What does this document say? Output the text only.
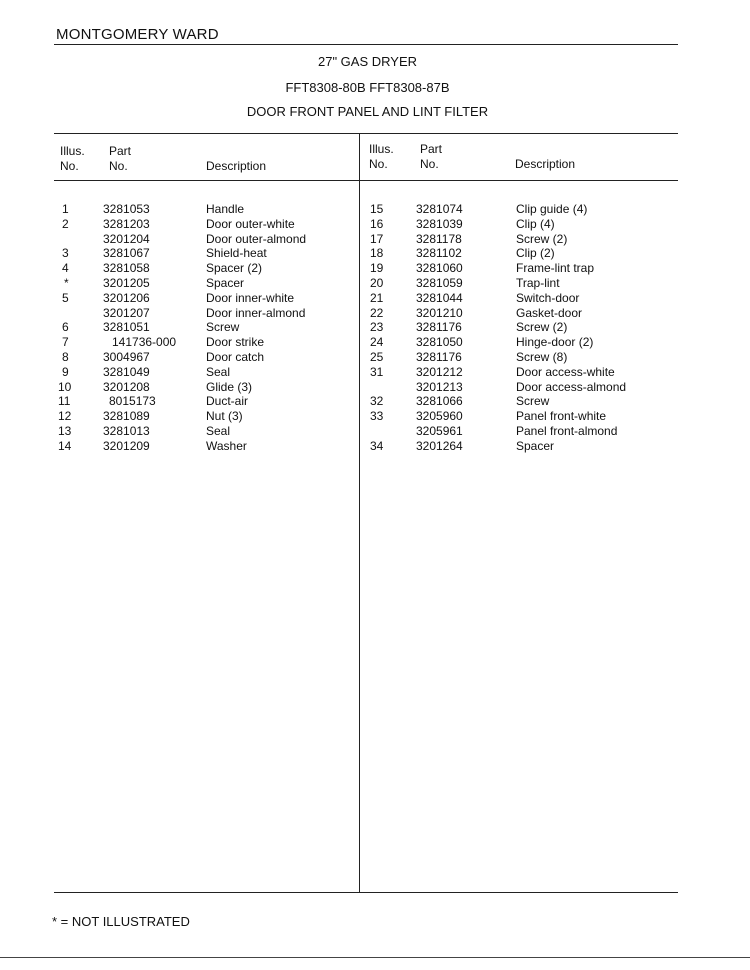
MONTGOMERY WARD
27" GAS DRYER
FFT8308-80B FFT8308-87B
DOOR FRONT PANEL AND LINT FILTER
Illus.
No.
Part
No.	Description
Illus.
No.
Part
No.	Description
1	3281053	Handle
2	3281203	Door outer-white
3201204	Door outer-almond
3	3281067	Shield-heat
4	3281058	Spacer (2)
*	3201205	Spacer
5	3201206	Door inner-white
3201207	Door inner-almond
6	3281051	Screw
7	141736-000 Door strike
8	3004967	Door catch
9	3281049	Seal
10	3201208	Glide (3)
11	8015173	Duct-air
12	3281089	Nut (3)
13	3281013	Seal
14	3201209	Washer
15	3281074	Clip guide (4)
16	3281039	Clip (4)
17	3281178	Screw (2)
18	3281102	Clip (2)
19	3281060	Frame-lint trap
20	3281059	Trap-lint
21	3281044	Switch-door
22	3201210	Gasket-door
23	3281176	Screw (2)
24	3281050	Hinge-door (2)
25	3281176	Screw (8)
31	3201212	Door access-white
3201213	Door access-almond
32	3281066	Screw
33	3205960	Panel front-white
3205961	Panel front-almond
34	3201264	Spacer
* = NOT ILLUSTRATED
